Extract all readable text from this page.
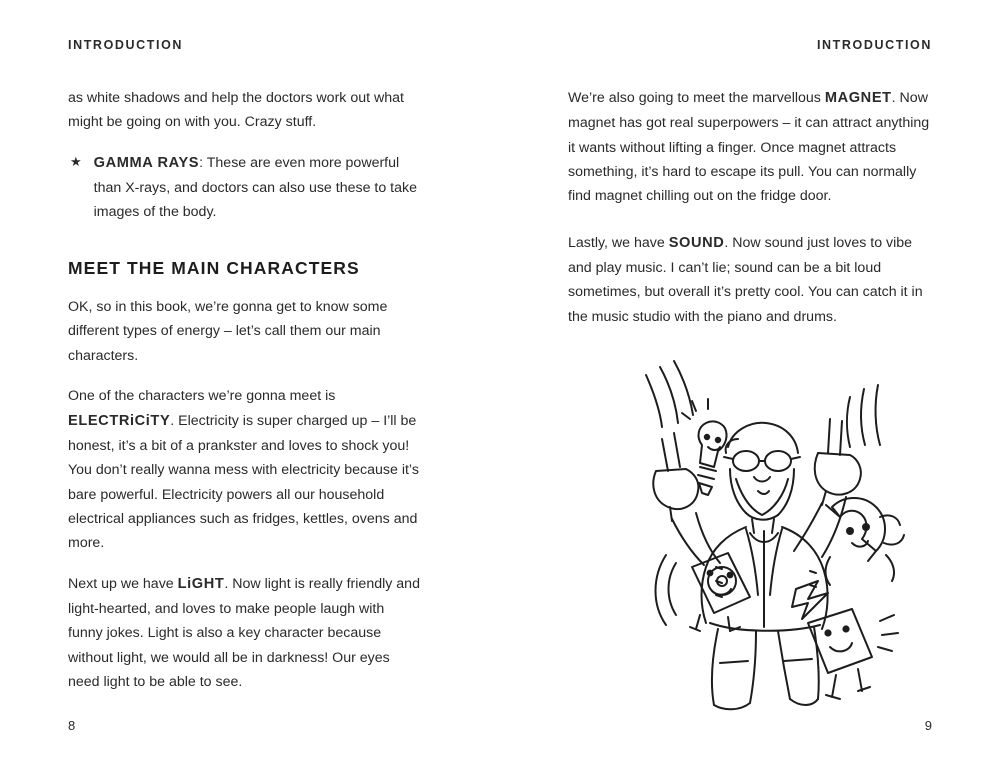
INTRODUCTION

as white shadows and help the doctors work out what might be going on with you. Crazy stuff.

★ GAMMA RAYS: These are even more powerful than X-rays, and doctors can also use these to take images of the body.
MEET THE MAIN CHARACTERS

OK, so in this book, we’re gonna get to know some different types of energy – let’s call them our main characters.

One of the characters we’re gonna meet is ELECTRiCiTY. Electricity is super charged up – I’ll be honest, it’s a bit of a prankster and loves to shock you! You don’t really wanna mess with electricity because it’s bare powerful. Electricity powers all our household electrical appliances such as fridges, kettles, ovens and more.

Next up we have LiGHT. Now light is really friendly and light-hearted, and loves to make people laugh with funny jokes. Light is also a key character because without light, we would all be in darkness! Our eyes need light to be able to see.

8
INTRODUCTION

We’re also going to meet the marvellous MAGNET. Now magnet has got real superpowers – it can attract anything it wants without lifting a finger. Once magnet attracts something, it’s hard to escape its pull. You can normally find magnet chilling out on the fridge door.

Lastly, we have SOUND. Now sound just loves to vibe and play music. I can’t lie; sound can be a bit loud sometimes, but overall it’s pretty cool. You can catch it in the music studio with the piano and drums.

9
